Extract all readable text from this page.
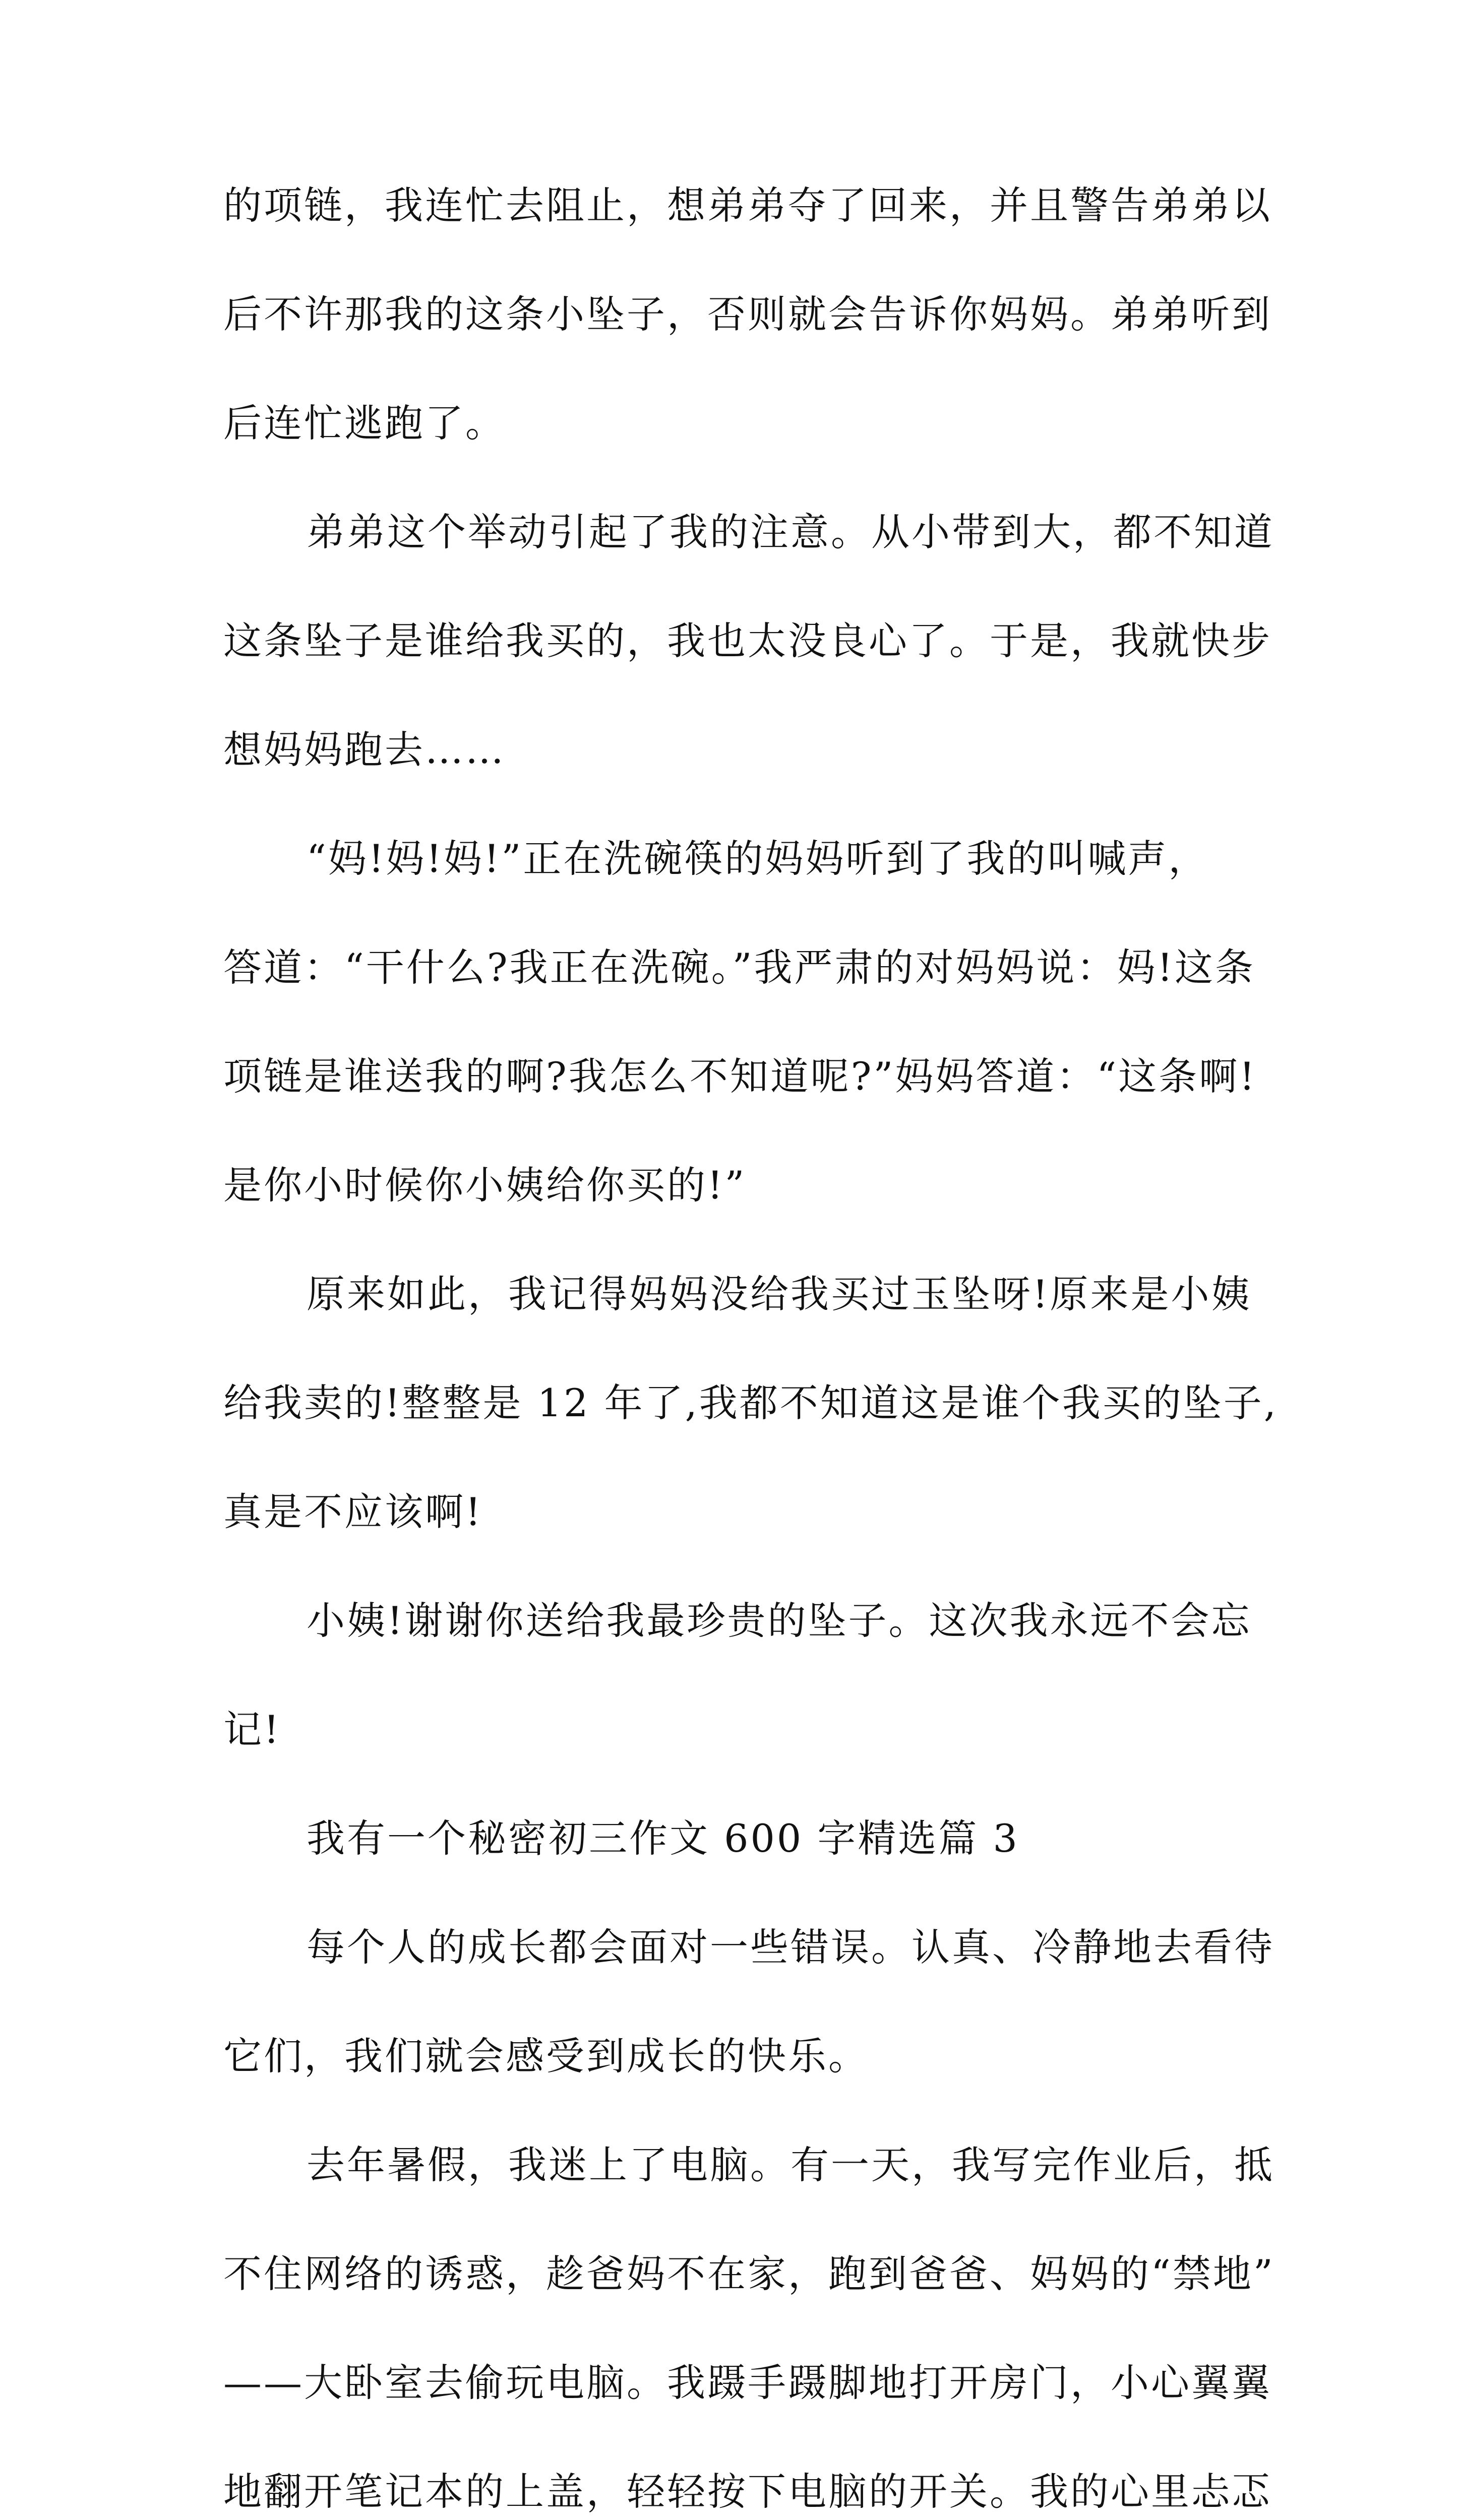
的项链，我连忙去阻止，想弟弟夺了回来，并且警告弟弟以
后不许那我的这条小坠子，否则就会告诉你妈妈。弟弟听到
后连忙逃跑了。
弟弟这个举动引起了我的注意。从小带到大，都不知道
这条坠子是谁给我买的，我也太没良心了。于是，我就快步
想妈妈跑去……
“妈!妈!妈!”正在洗碗筷的妈妈听到了我的叫喊声，
答道：“干什么?我正在洗碗。”我严肃的对妈妈说：妈!这条
项链是谁送我的啊?我怎么不知道呢?”妈妈答道：“这条啊!
是你小时候你小姨给你买的!”
原来如此，我记得妈妈没给我买过玉坠呀!原来是小姨
给我卖的!整整是 12 年了,我都不知道这是谁个我买的坠子,
真是不应该啊!
小姨!谢谢你送给我最珍贵的坠子。这次我永远不会忘
记!
我有一个秘密初三作文 600 字精选篇 3
每个人的成长都会面对一些错误。认真、冷静地去看待
它们，我们就会感受到成长的快乐。
去年暑假，我迷上了电脑。有一天，我写完作业后，抵
不住网络的诱惑，趁爸妈不在家，跑到爸爸、妈妈的“禁地”
——大卧室去偷玩电脑。我蹑手蹑脚地打开房门，小心翼翼
地翻开笔记本的上盖，轻轻按下电脑的开关。我的心里忐忑
